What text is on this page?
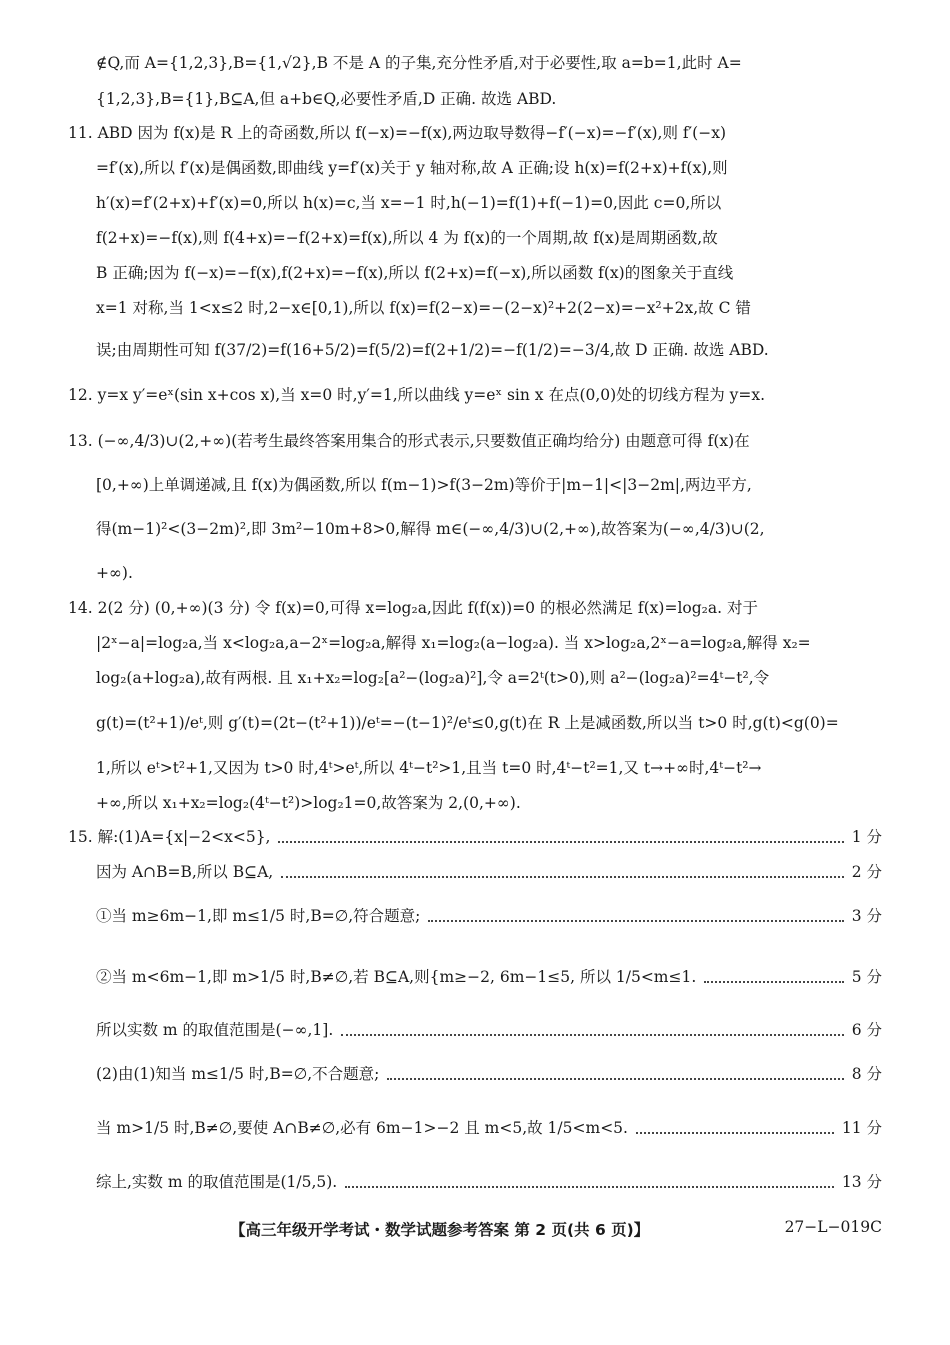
∉Q,而 A={1,2,3},B={1,√2},B 不是 A 的子集,充分性矛盾,对于必要性,取 a=b=1,此时 A=
{1,2,3},B={1},B⊆A,但 a+b∈Q,必要性矛盾,D 正确. 故选 ABD.
11. ABD 因为 f(x)是 R 上的奇函数,所以 f(−x)=−f(x),两边取导数得−f′(−x)=−f′(x),则 f′(−x)
=f′(x),所以 f′(x)是偶函数,即曲线 y=f′(x)关于 y 轴对称,故 A 正确;设 h(x)=f(2+x)+f(x),则
h′(x)=f′(2+x)+f′(x)=0,所以 h(x)=c,当 x=−1 时,h(−1)=f(1)+f(−1)=0,因此 c=0,所以
f(2+x)=−f(x),则 f(4+x)=−f(2+x)=f(x),所以 4 为 f(x)的一个周期,故 f(x)是周期函数,故
B 正确;因为 f(−x)=−f(x),f(2+x)=−f(x),所以 f(2+x)=f(−x),所以函数 f(x)的图象关于直线
x=1 对称,当 1<x≤2 时,2−x∈[0,1),所以 f(x)=f(2−x)=−(2−x)²+2(2−x)=−x²+2x,故 C 错
误;由周期性可知 f(37/2)=f(16+5/2)=f(5/2)=f(2+1/2)=−f(1/2)=−3/4,故 D 正确. 故选 ABD.
12. y=x y′=eˣ(sin x+cos x),当 x=0 时,y′=1,所以曲线 y=eˣ sin x 在点(0,0)处的切线方程为 y=x.
13. (−∞,4/3)∪(2,+∞)(若考生最终答案用集合的形式表示,只要数值正确均给分) 由题意可得 f(x)在
[0,+∞)上单调递减,且 f(x)为偶函数,所以 f(m−1)>f(3−2m)等价于|m−1|<|3−2m|,两边平方,
得(m−1)²<(3−2m)²,即 3m²−10m+8>0,解得 m∈(−∞,4/3)∪(2,+∞),故答案为(−∞,4/3)∪(2,
+∞).
14. 2(2 分) (0,+∞)(3 分) 令 f(x)=0,可得 x=log₂a,因此 f(f(x))=0 的根必然满足 f(x)=log₂a. 对于
|2ˣ−a|=log₂a,当 x<log₂a,a−2ˣ=log₂a,解得 x₁=log₂(a−log₂a). 当 x>log₂a,2ˣ−a=log₂a,解得 x₂=
log₂(a+log₂a),故有两根. 且 x₁+x₂=log₂[a²−(log₂a)²],令 a=2ᵗ(t>0),则 a²−(log₂a)²=4ᵗ−t²,令
g(t)=(t²+1)/eᵗ,则 g′(t)=(2t−(t²+1))/eᵗ=−(t−1)²/eᵗ≤0,g(t)在 R 上是减函数,所以当 t>0 时,g(t)<g(0)=
1,所以 eᵗ>t²+1,又因为 t>0 时,4ᵗ>eᵗ,所以 4ᵗ−t²>1,且当 t=0 时,4ᵗ−t²=1,又 t→+∞时,4ᵗ−t²→
+∞,所以 x₁+x₂=log₂(4ᵗ−t²)>log₂1=0,故答案为 2,(0,+∞).
15. 解:(1)A={x|−2<x<5},	1 分
因为 A∩B=B,所以 B⊆A,	2 分
①当 m≥6m−1,即 m≤1/5 时,B=∅,符合题意;	3 分
②当 m<6m−1,即 m>1/5 时,B≠∅,若 B⊆A,则{m≥−2, 6m−1≤5, 所以 1/5<m≤1.	5 分
所以实数 m 的取值范围是(−∞,1].	6 分
(2)由(1)知当 m≤1/5 时,B=∅,不合题意;	8 分
当 m>1/5 时,B≠∅,要使 A∩B≠∅,必有 6m−1>−2 且 m<5,故 1/5<m<5.	11 分
综上,实数 m 的取值范围是(1/5,5).	13 分
【高三年级开学考试・数学试题参考答案 第 2 页(共 6 页)】	27−L−019C
